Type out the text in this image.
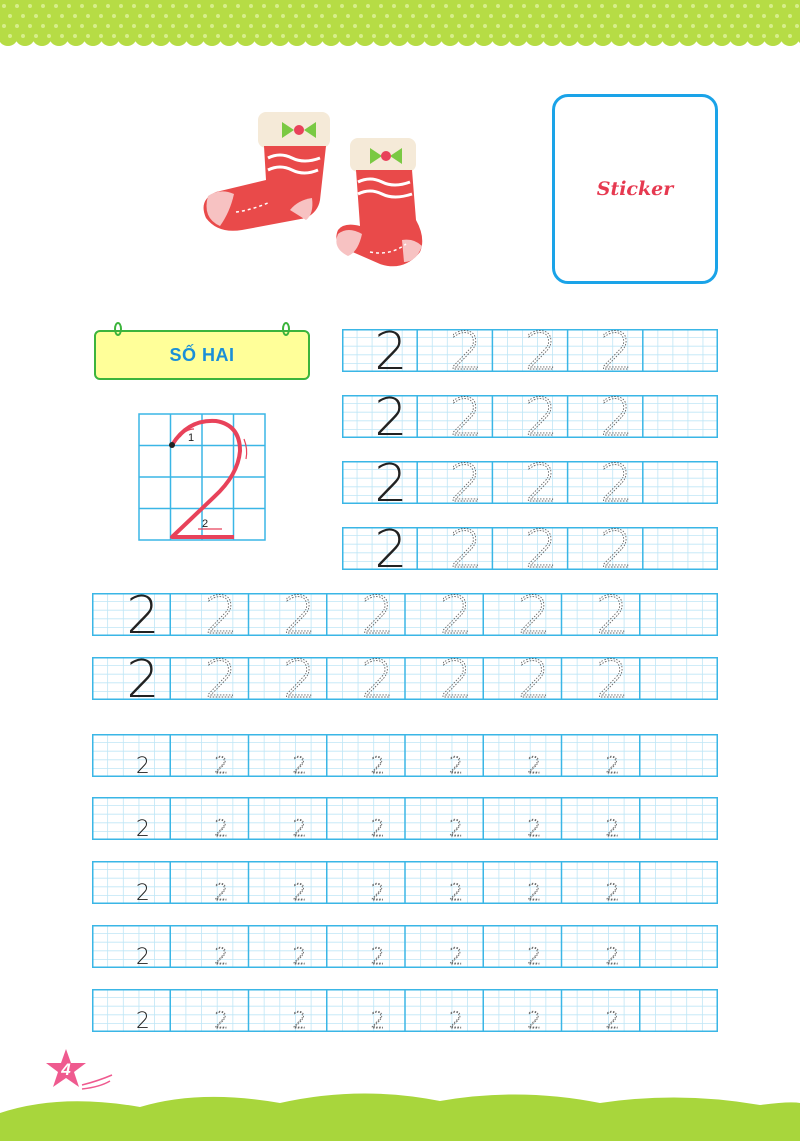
Sticker
SỐ HAI
1
2
2 2 2 2
2 2 2 2
2 2 2 2
2 2 2 2
2 2 2 2 2 2 2
2 2 2 2 2 2 2
2	2	2	2	2	2	2
2	2	2	2	2	2	2
2	2	2	2	2	2	2
2	2	2	2	2	2	2
2	2	2	2	2	2	2
4
